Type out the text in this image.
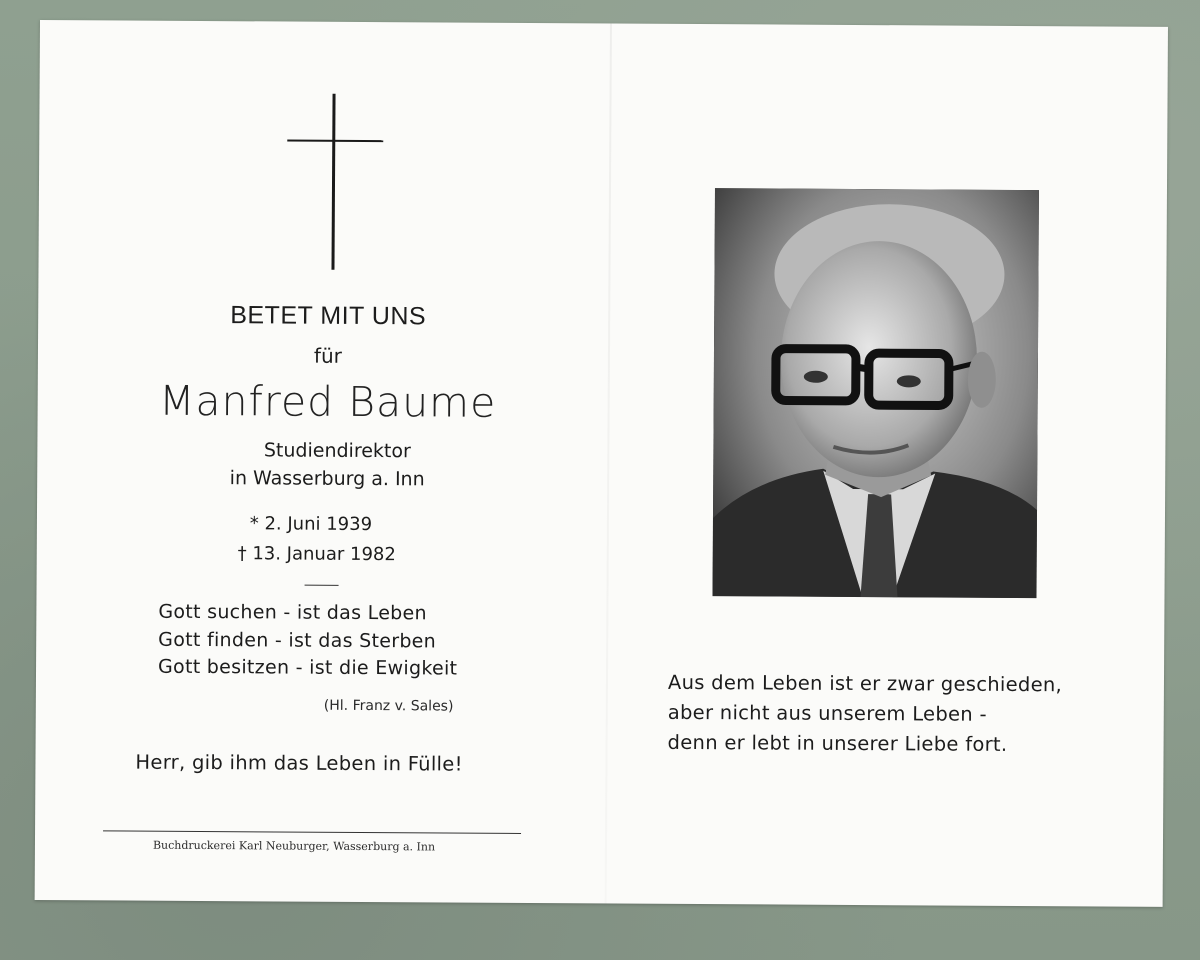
BETET MIT UNS
für
Manfred Baume
Studiendirektor
in Wasserburg a. Inn
* 2. Juni 1939
† 13. Januar 1982
Gott suchen - ist das Leben
Gott finden - ist das Sterben
Gott besitzen - ist die Ewigkeit
(Hl. Franz v. Sales)
Herr, gib ihm das Leben in Fülle!
Buchdruckerei Karl Neuburger, Wasserburg a. Inn
Aus dem Leben ist er zwar geschieden,
aber nicht aus unserem Leben -
denn er lebt in unserer Liebe fort.
